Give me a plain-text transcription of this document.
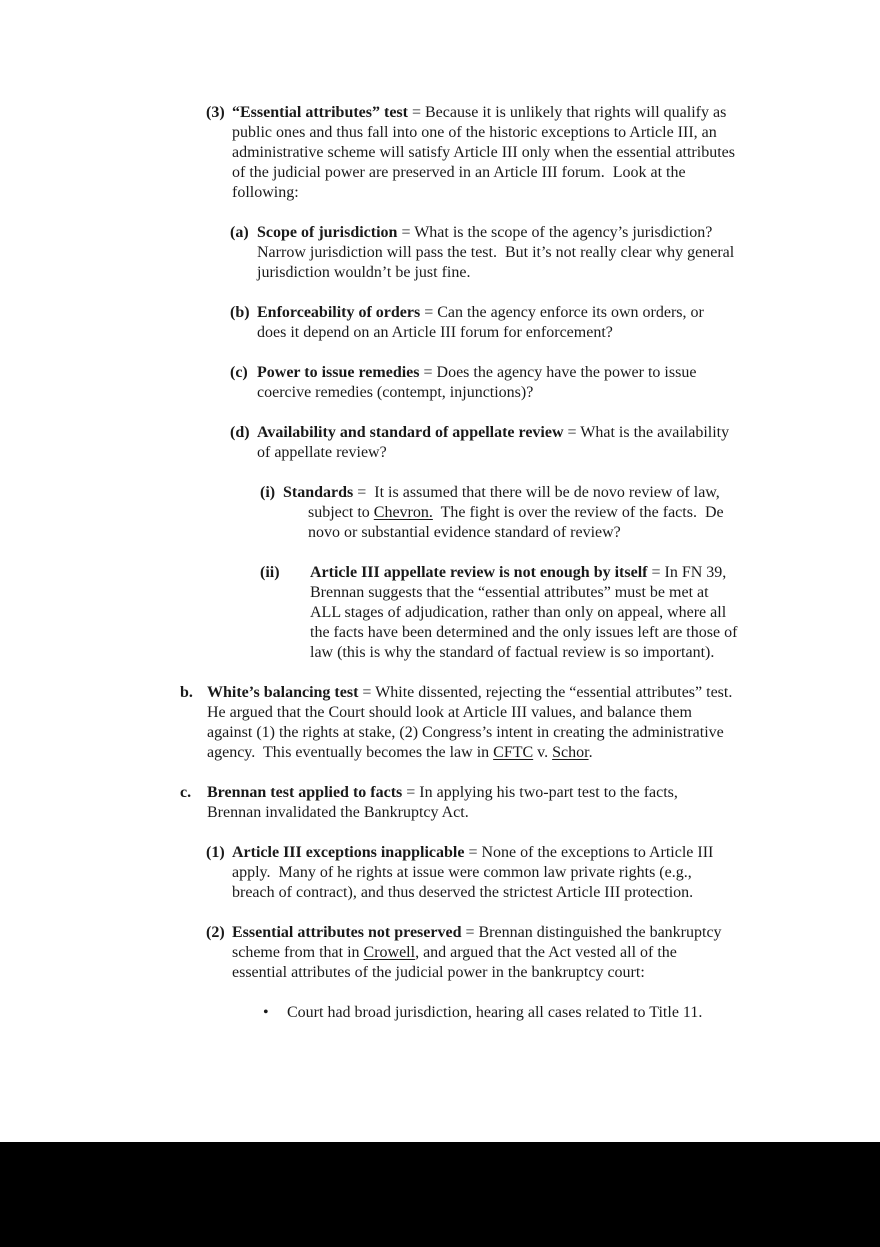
(3) “Essential attributes” test = Because it is unlikely that rights will qualify as
public ones and thus fall into one of the historic exceptions to Article III, an
administrative scheme will satisfy Article III only when the essential attributes
of the judicial power are preserved in an Article III forum.  Look at the
following:
(a) Scope of jurisdiction = What is the scope of the agency’s jurisdiction?
Narrow jurisdiction will pass the test.  But it’s not really clear why general
jurisdiction wouldn’t be just fine.
(b) Enforceability of orders = Can the agency enforce its own orders, or
does it depend on an Article III forum for enforcement?
(c) Power to issue remedies = Does the agency have the power to issue
coercive remedies (contempt, injunctions)?
(d) Availability and standard of appellate review = What is the availability
of appellate review?
(i) Standards =  It is assumed that there will be de novo review of law,
subject to Chevron.  The fight is over the review of the facts.  De
novo or substantial evidence standard of review?
(ii) Article III appellate review is not enough by itself = In FN 39,
Brennan suggests that the “essential attributes” must be met at
ALL stages of adjudication, rather than only on appeal, where all
the facts have been determined and the only issues left are those of
law (this is why the standard of factual review is so important).
b. White’s balancing test = White dissented, rejecting the “essential attributes” test.
He argued that the Court should look at Article III values, and balance them
against (1) the rights at stake, (2) Congress’s intent in creating the administrative
agency.  This eventually becomes the law in CFTC v. Schor.
c. Brennan test applied to facts = In applying his two-part test to the facts,
Brennan invalidated the Bankruptcy Act.
(1) Article III exceptions inapplicable = None of the exceptions to Article III
apply.  Many of he rights at issue were common law private rights (e.g.,
breach of contract), and thus deserved the strictest Article III protection.
(2) Essential attributes not preserved = Brennan distinguished the bankruptcy
scheme from that in Crowell, and argued that the Act vested all of the
essential attributes of the judicial power in the bankruptcy court:
• Court had broad jurisdiction, hearing all cases related to Title 11.
